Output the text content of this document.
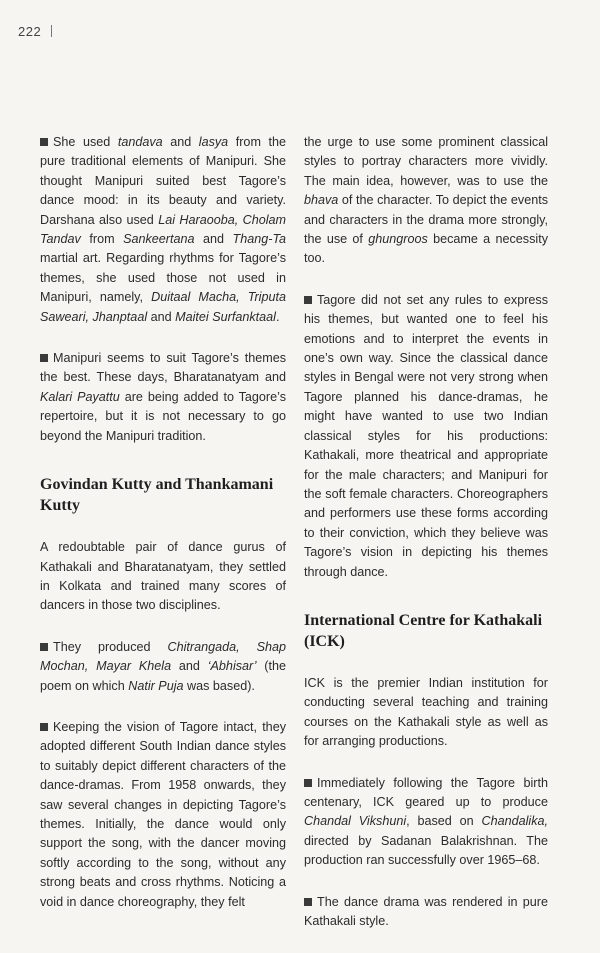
222

She used tandava and lasya from the pure traditional elements of Manipuri. She thought Manipuri suited best Tagore’s dance mood: in its beauty and variety. Darshana also used Lai Haraooba, Cholam Tandav from Sankeertana and Thang-Ta martial art. Regarding rhythms for Tagore’s themes, she used those not used in Manipuri, namely, Duitaal Macha, Triputa Saweari, Jhanptaal and Maitei Surfanktaal.

Manipuri seems to suit Tagore’s themes the best. These days, Bharatanatyam and Kalari Payattu are being added to Tagore’s repertoire, but it is not necessary to go beyond the Manipuri tradition.

Govindan Kutty and Thankamani Kutty

A redoubtable pair of dance gurus of Kathakali and Bharatanatyam, they settled in Kolkata and trained many scores of dancers in those two disciplines.

They produced Chitrangada, Shap Mochan, Mayar Khela and ‘Abhisar’ (the poem on which Natir Puja was based).

Keeping the vision of Tagore intact, they adopted different South Indian dance styles to suitably depict different characters of the dance-dramas. From 1958 onwards, they saw several changes in depicting Tagore’s themes. Initially, the dance would only support the song, with the dancer moving softly according to the song, without any strong beats and cross rhythms. Noticing a void in dance choreography, they felt

the urge to use some prominent classical styles to portray characters more vividly. The main idea, however, was to use the bhava of the character. To depict the events and characters in the drama more strongly, the use of ghungroos became a necessity too.

Tagore did not set any rules to express his themes, but wanted one to feel his emotions and to interpret the events in one’s own way. Since the classical dance styles in Bengal were not very strong when Tagore planned his dance-dramas, he might have wanted to use two Indian classical styles for his productions: Kathakali, more theatrical and appropriate for the male characters; and Manipuri for the soft female characters. Choreographers and performers use these forms according to their conviction, which they believe was Tagore’s vision in depicting his themes through dance.

International Centre for Kathakali (ICK)

ICK is the premier Indian institution for conducting several teaching and training courses on the Kathakali style as well as for arranging productions.

Immediately following the Tagore birth centenary, ICK geared up to produce Chandal Vikshuni, based on Chandalika, directed by Sadanan Balakrishnan. The production ran successfully over 1965–68.

The dance drama was rendered in pure Kathakali style.
